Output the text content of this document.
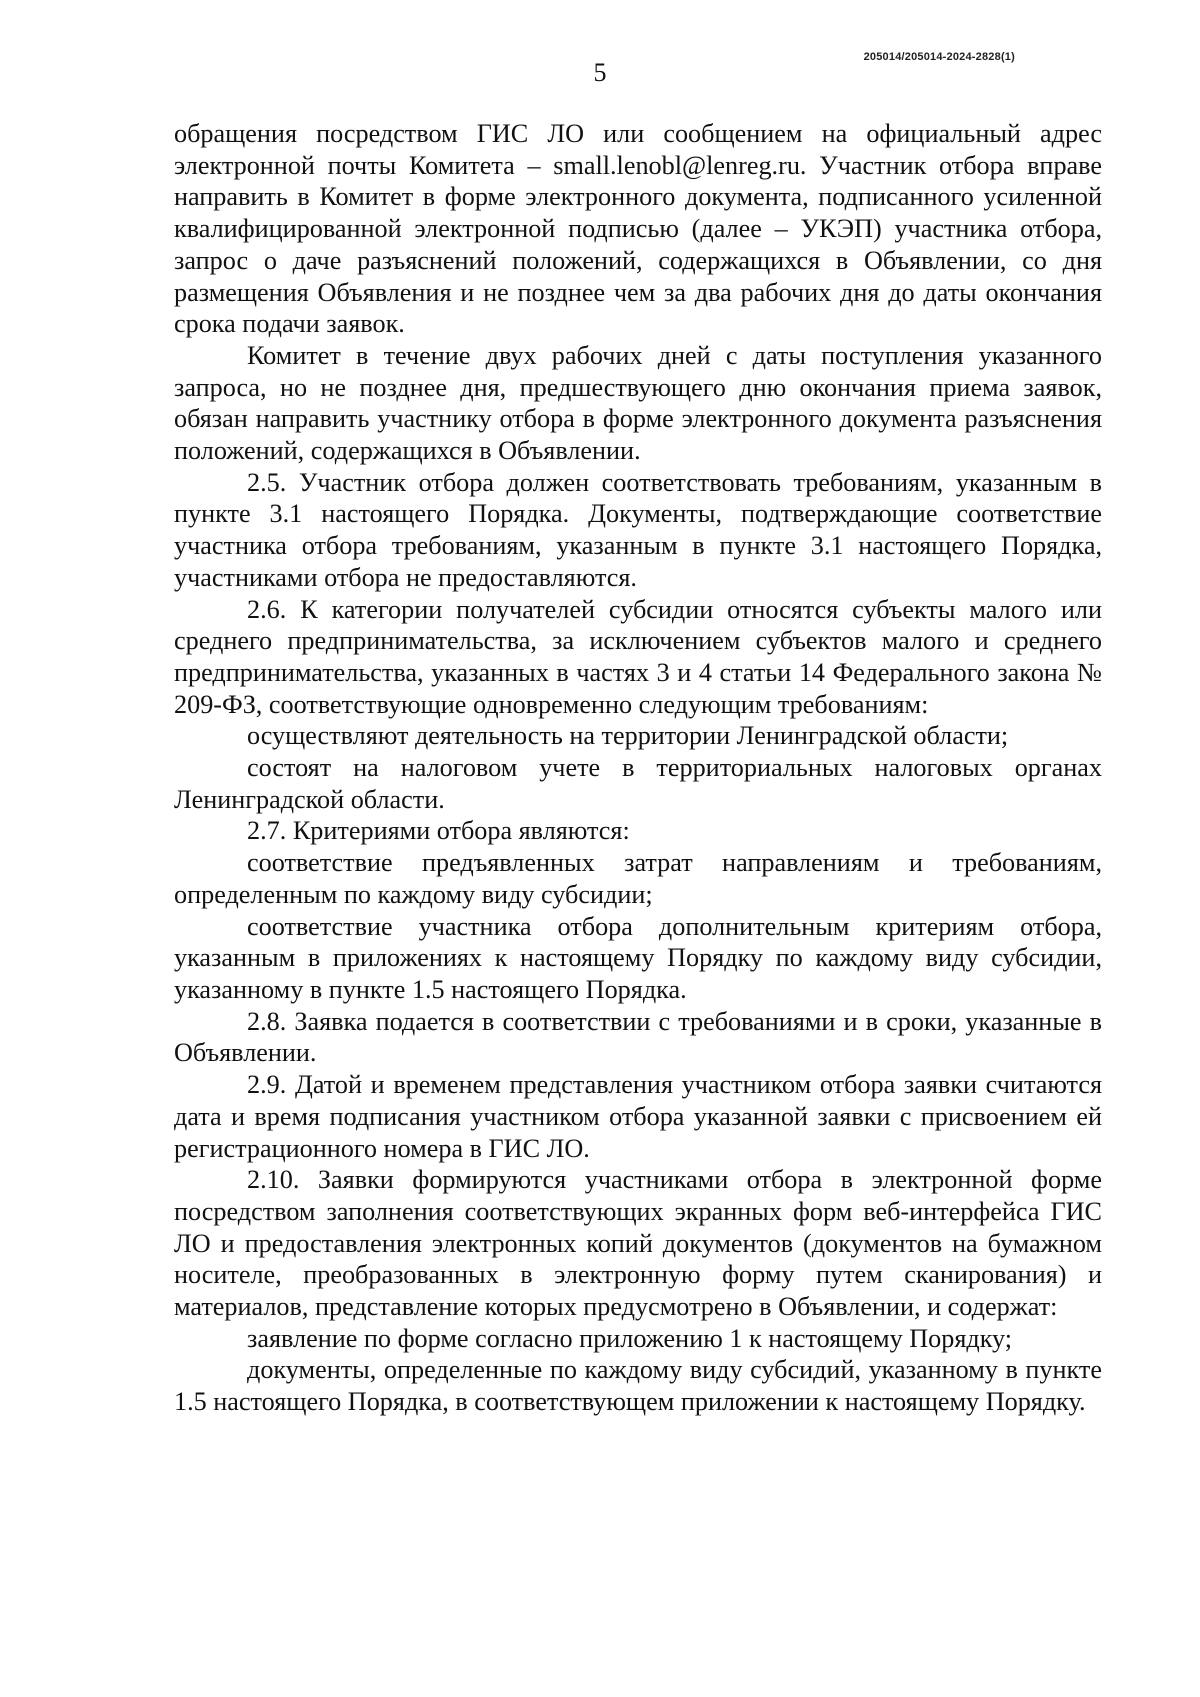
205014/205014-2024-2828(1)
5

обращения посредством ГИС ЛО или сообщением на официальный адрес электронной почты Комитета – small.lenobl@lenreg.ru. Участник отбора вправе направить в Комитет в форме электронного документа, подписанного усиленной квалифицированной электронной подписью (далее – УКЭП) участника отбора, запрос о даче разъяснений положений, содержащихся в Объявлении, со дня размещения Объявления и не позднее чем за два рабочих дня до даты окончания срока подачи заявок.

Комитет в течение двух рабочих дней с даты поступления указанного запроса, но не позднее дня, предшествующего дню окончания приема заявок, обязан направить участнику отбора в форме электронного документа разъяснения положений, содержащихся в Объявлении.

2.5. Участник отбора должен соответствовать требованиям, указанным в пункте 3.1 настоящего Порядка. Документы, подтверждающие соответствие участника отбора требованиям, указанным в пункте 3.1 настоящего Порядка, участниками отбора не предоставляются.

2.6. К категории получателей субсидии относятся субъекты малого или среднего предпринимательства, за исключением субъектов малого и среднего предпринимательства, указанных в частях 3 и 4 статьи 14 Федерального закона № 209-ФЗ, соответствующие одновременно следующим требованиям:

осуществляют деятельность на территории Ленинградской области;

состоят на налоговом учете в территориальных налоговых органах Ленинградской области.

2.7. Критериями отбора являются:

соответствие предъявленных затрат направлениям и требованиям, определенным по каждому виду субсидии;

соответствие участника отбора дополнительным критериям отбора, указанным в приложениях к настоящему Порядку по каждому виду субсидии, указанному в пункте 1.5 настоящего Порядка.

2.8. Заявка подается в соответствии с требованиями и в сроки, указанные в Объявлении.

2.9. Датой и временем представления участником отбора заявки считаются дата и время подписания участником отбора указанной заявки с присвоением ей регистрационного номера в ГИС ЛО.

2.10. Заявки формируются участниками отбора в электронной форме посредством заполнения соответствующих экранных форм веб-интерфейса ГИС ЛО и предоставления электронных копий документов (документов на бумажном носителе, преобразованных в электронную форму путем сканирования) и материалов, представление которых предусмотрено в Объявлении, и содержат:

заявление по форме согласно приложению 1 к настоящему Порядку;

документы, определенные по каждому виду субсидий, указанному в пункте 1.5 настоящего Порядка, в соответствующем приложении к настоящему Порядку.
